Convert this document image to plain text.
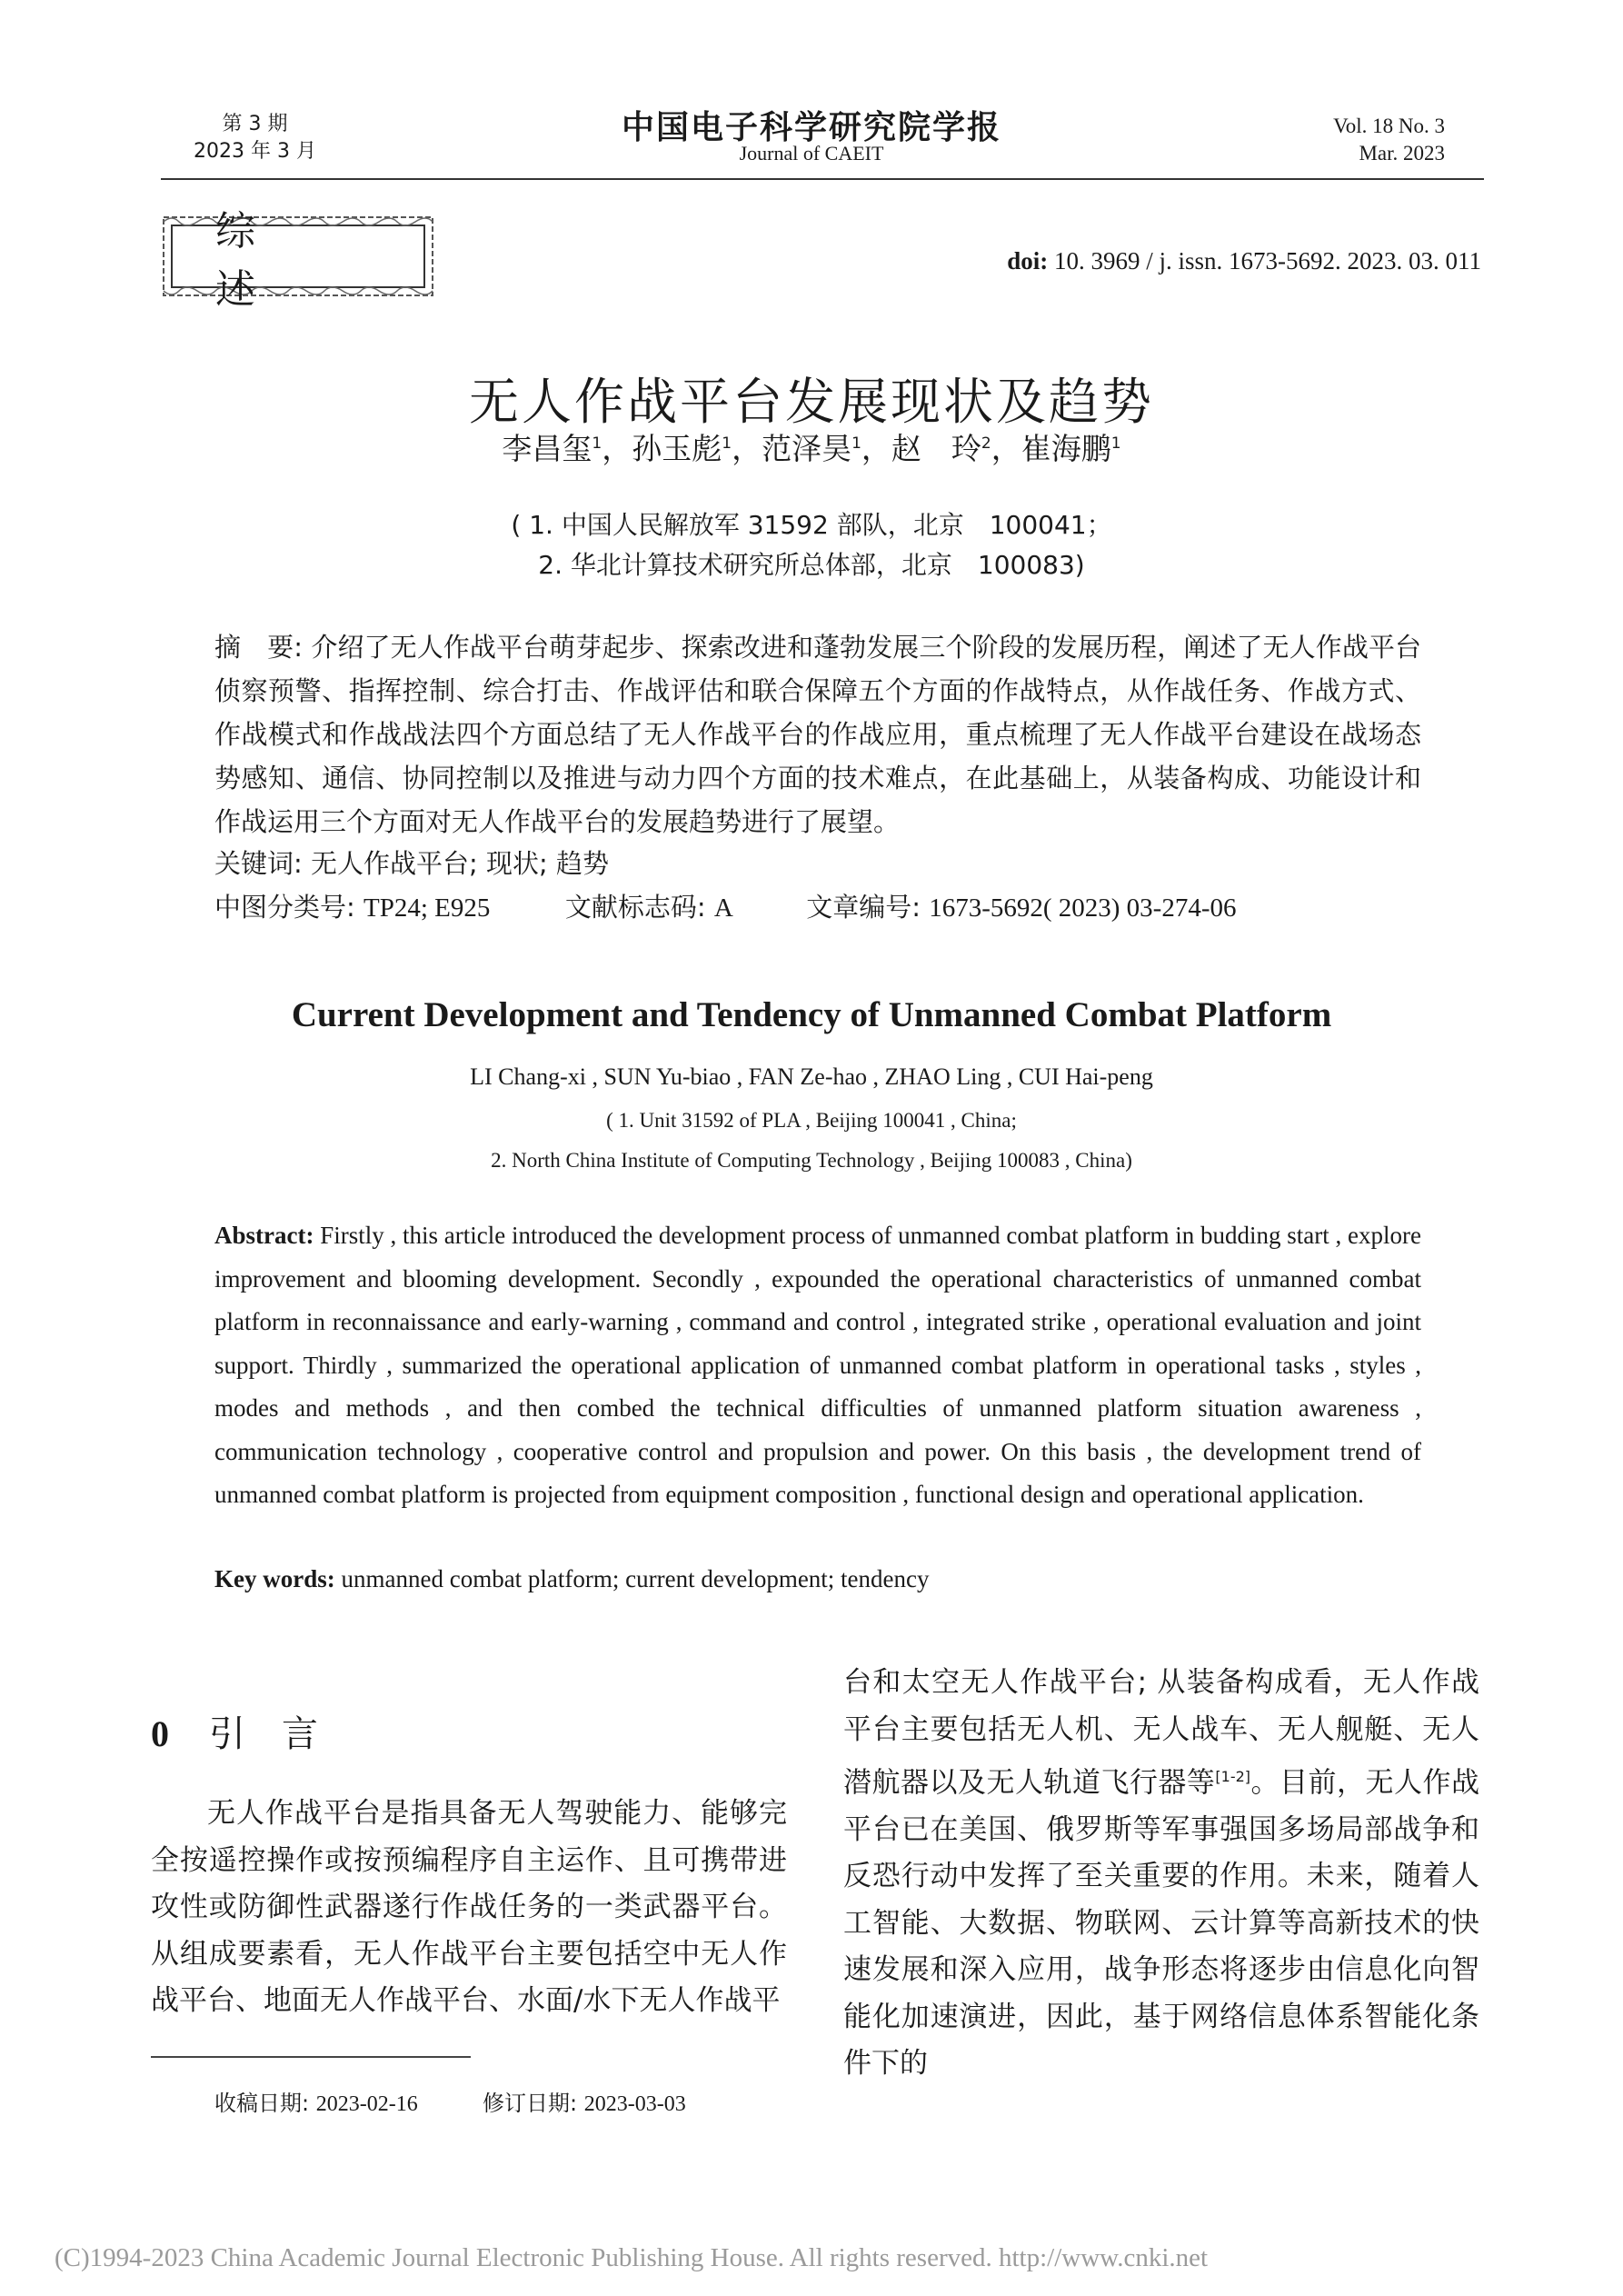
第 3 期
2023 年 3 月
中国电子科学研究院学报
Journal of CAEIT
Vol. 18 No. 3
Mar. 2023
综 述
doi: 10. 3969 / j. issn. 1673-5692. 2023. 03. 011
无人作战平台发展现状及趋势
李昌玺$^1$，孙玉彪$^1$，范泽昊$^1$，赵　玲$^2$，崔海鹏$^1$
( 1. 中国人民解放军 31592 部队，北京　100041；
2. 华北计算技术研究所总体部，北京　100083)
摘　要: 介绍了无人作战平台萌芽起步、探索改进和蓬勃发展三个阶段的发展历程，阐述了无人作战平台侦察预警、指挥控制、综合打击、作战评估和联合保障五个方面的作战特点，从作战任务、作战方式、作战模式和作战战法四个方面总结了无人作战平台的作战应用，重点梳理了无人作战平台建设在战场态势感知、通信、协同控制以及推进与动力四个方面的技术难点，在此基础上，从装备构成、功能设计和作战运用三个方面对无人作战平台的发展趋势进行了展望。
关键词: 无人作战平台; 现状; 趋势
中图分类号: TP24; E925	文献标志码: A	文章编号: 1673-5692( 2023) 03-274-06
Current Development and Tendency of Unmanned Combat Platform
LI Chang-xi , SUN Yu-biao , FAN Ze-hao , ZHAO Ling , CUI Hai-peng
( 1. Unit 31592 of PLA , Beijing 100041 , China;
2. North China Institute of Computing Technology , Beijing 100083 , China)
Abstract: Firstly , this article introduced the development process of unmanned combat platform in budding start , explore improvement and blooming development. Secondly , expounded the operational characteristics of unmanned combat platform in reconnaissance and early-warning , command and control , integrated strike , operational evaluation and joint support. Thirdly , summarized the operational application of unmanned combat platform in operational tasks , styles , modes and methods , and then combed the technical difficulties of unmanned platform situation awareness , communication technology , cooperative control and propulsion and power. On this basis , the development trend of unmanned combat platform is projected from equipment composition , functional design and operational application.
Key words: unmanned combat platform; current development; tendency
0 引　言
无人作战平台是指具备无人驾驶能力、能够完全按遥控操作或按预编程序自主运作、且可携带进攻性或防御性武器遂行作战任务的一类武器平台。从组成要素看，无人作战平台主要包括空中无人作战平台、地面无人作战平台、水面/水下无人作战平
台和太空无人作战平台; 从装备构成看，无人作战平台主要包括无人机、无人战车、无人舰艇、无人潜航器以及无人轨道飞行器等[1-2]。目前，无人作战平台已在美国、俄罗斯等军事强国多场局部战争和反恐行动中发挥了至关重要的作用。未来，随着人工智能、大数据、物联网、云计算等高新技术的快速发展和深入应用，战争形态将逐步由信息化向智能化加速演进，因此，基于网络信息体系智能化条件下的
收稿日期: 2023-02-16	修订日期: 2023-03-03
(C)1994-2023 China Academic Journal Electronic Publishing House. All rights reserved. http://www.cnki.net
